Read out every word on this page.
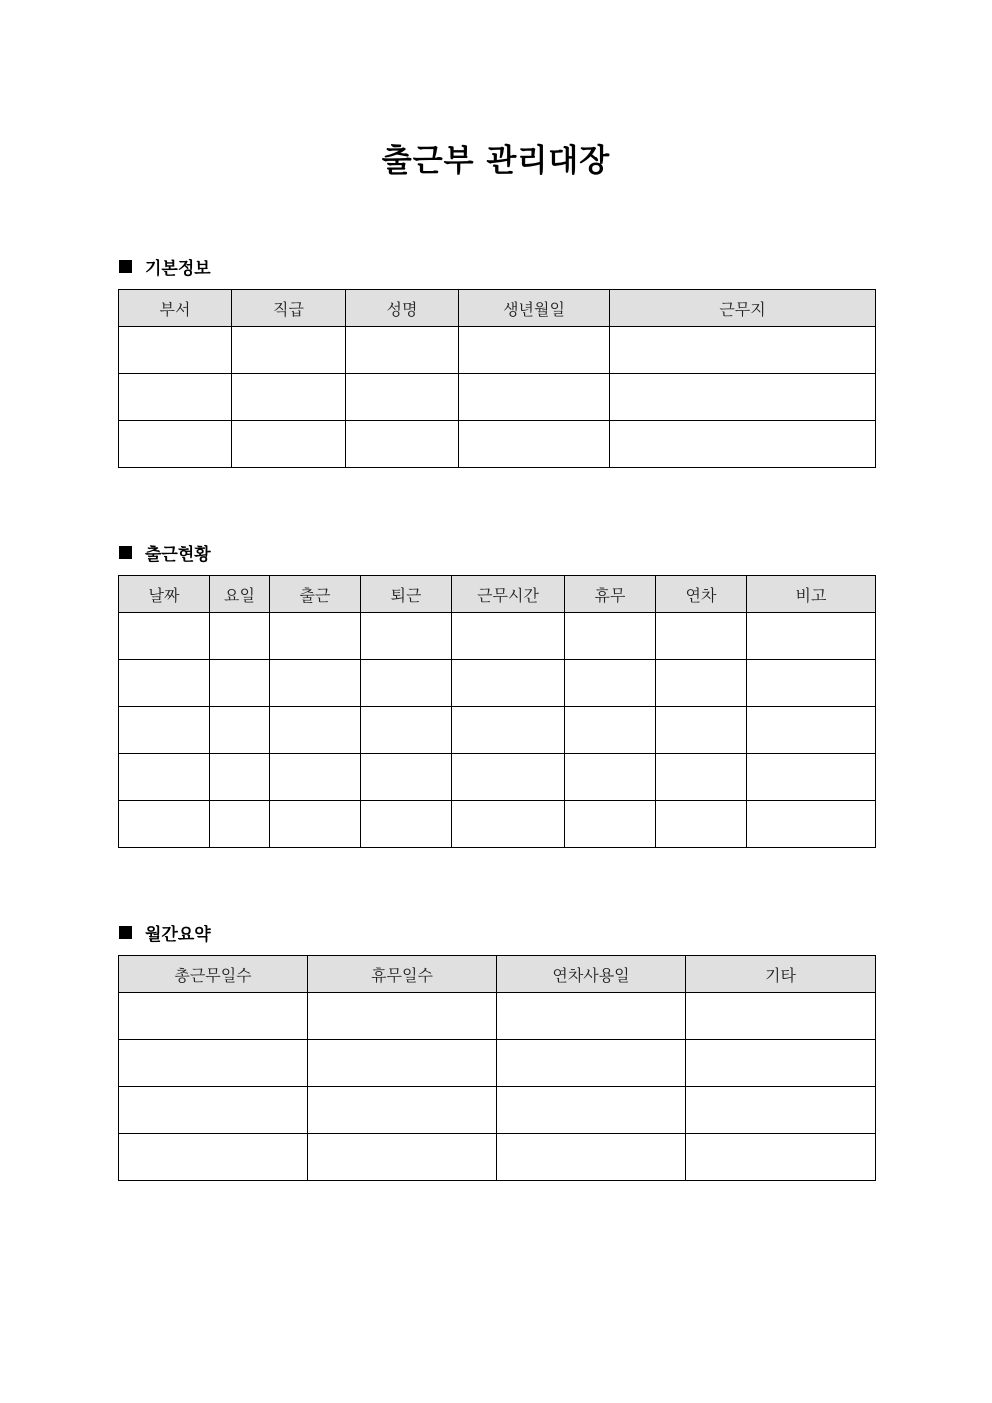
출근부 관리대장
기본정보
부서	직급	성명	생년월일	근무지

출근현황
날짜	요일	출근	퇴근	근무시간	휴무	연차	비고

월간요약
총근무일수	휴무일수	연차사용일	기타
